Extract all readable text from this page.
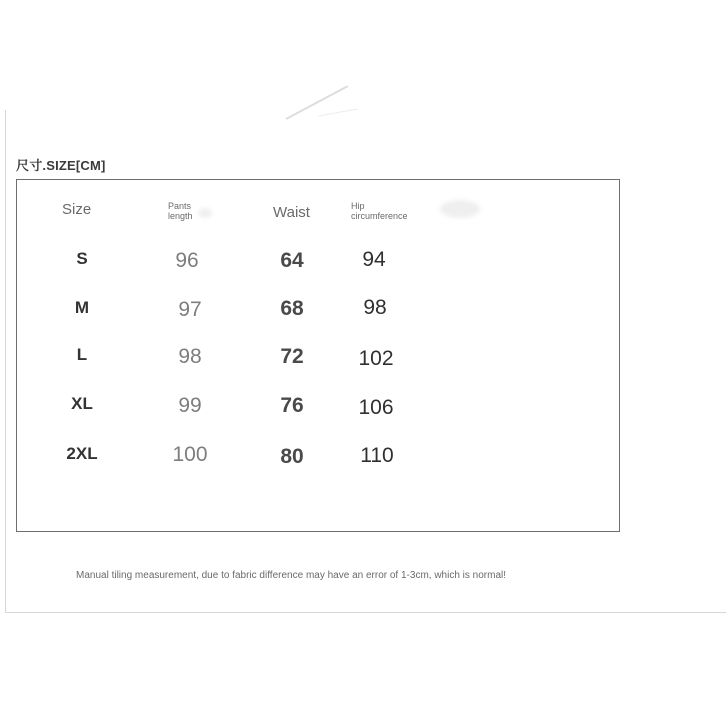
尺寸.SIZE[CM]
Size	Pants length	Waist	Hip circumference
S	96	64	94
M	97	68	98
L	98	72	102
XL	99	76	106
2XL	100	80	110
Manual tiling measurement, due to fabric difference may have an error of 1-3cm, which is normal!
